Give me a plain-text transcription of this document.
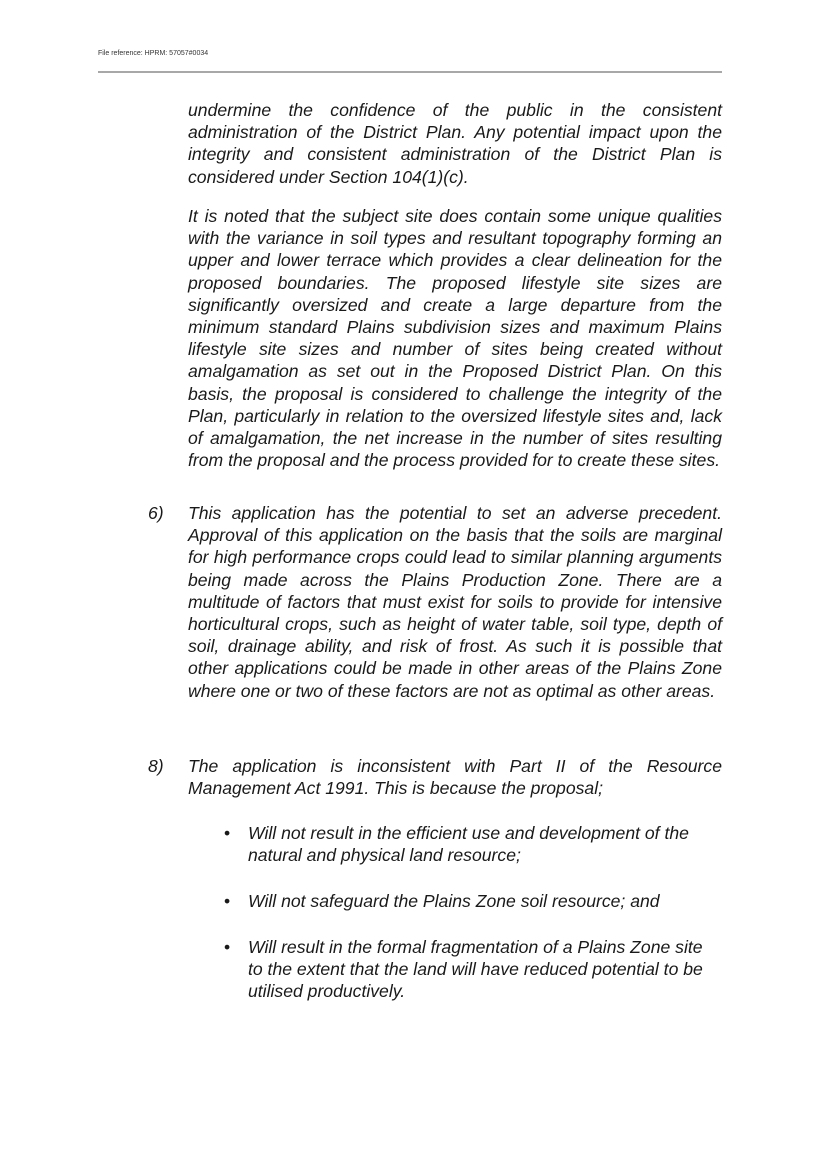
File reference: HPRM: 57057#0034

undermine the confidence of the public in the consistent administration of the District Plan. Any potential impact upon the integrity and consistent administration of the District Plan is considered under Section 104(1)(c).

It is noted that the subject site does contain some unique qualities with the variance in soil types and resultant topography forming an upper and lower terrace which provides a clear delineation for the proposed boundaries. The proposed lifestyle site sizes are significantly oversized and create a large departure from the minimum standard Plains subdivision sizes and maximum Plains lifestyle site sizes and number of sites being created without amalgamation as set out in the Proposed District Plan. On this basis, the proposal is considered to challenge the integrity of the Plan, particularly in relation to the oversized lifestyle sites and, lack of amalgamation, the net increase in the number of sites resulting from the proposal and the process provided for to create these sites.

6) This application has the potential to set an adverse precedent. Approval of this application on the basis that the soils are marginal for high performance crops could lead to similar planning arguments being made across the Plains Production Zone. There are a multitude of factors that must exist for soils to provide for intensive horticultural crops, such as height of water table, soil type, depth of soil, drainage ability, and risk of frost. As such it is possible that other applications could be made in other areas of the Plains Zone where one or two of these factors are not as optimal as other areas.

8) The application is inconsistent with Part II of the Resource Management Act 1991. This is because the proposal;

• Will not result in the efficient use and development of the natural and physical land resource;

• Will not safeguard the Plains Zone soil resource; and

• Will result in the formal fragmentation of a Plains Zone site to the extent that the land will have reduced potential to be utilised productively.
